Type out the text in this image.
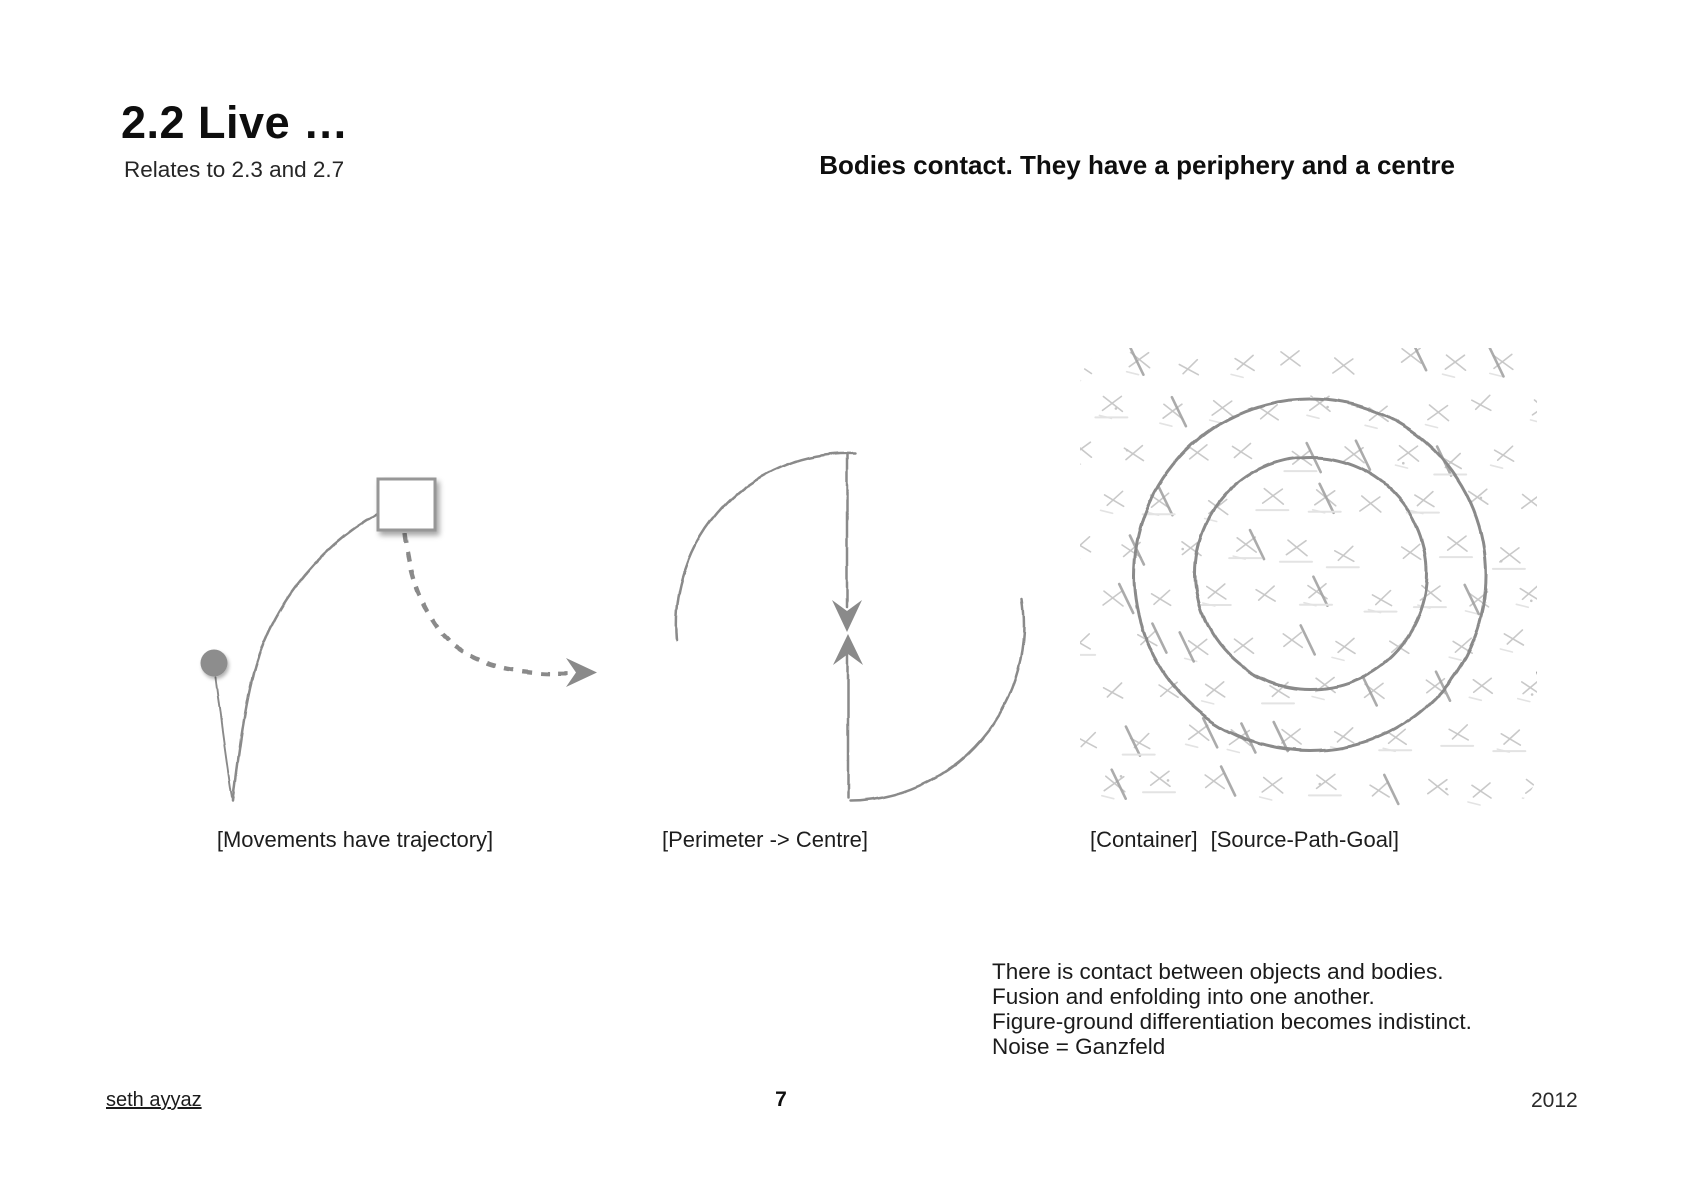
2.2 Live …
Relates to 2.3 and 2.7	Bodies contact. They have a periphery and a centre
[Movements have trajectory]	[Perimeter -> Centre]	[Container] [Source-Path-Goal]
There is contact between objects and bodies.
Fusion and enfolding into one another.
Figure-ground differentiation becomes indistinct.
Noise = Ganzfeld
seth ayyaz	7	2012
